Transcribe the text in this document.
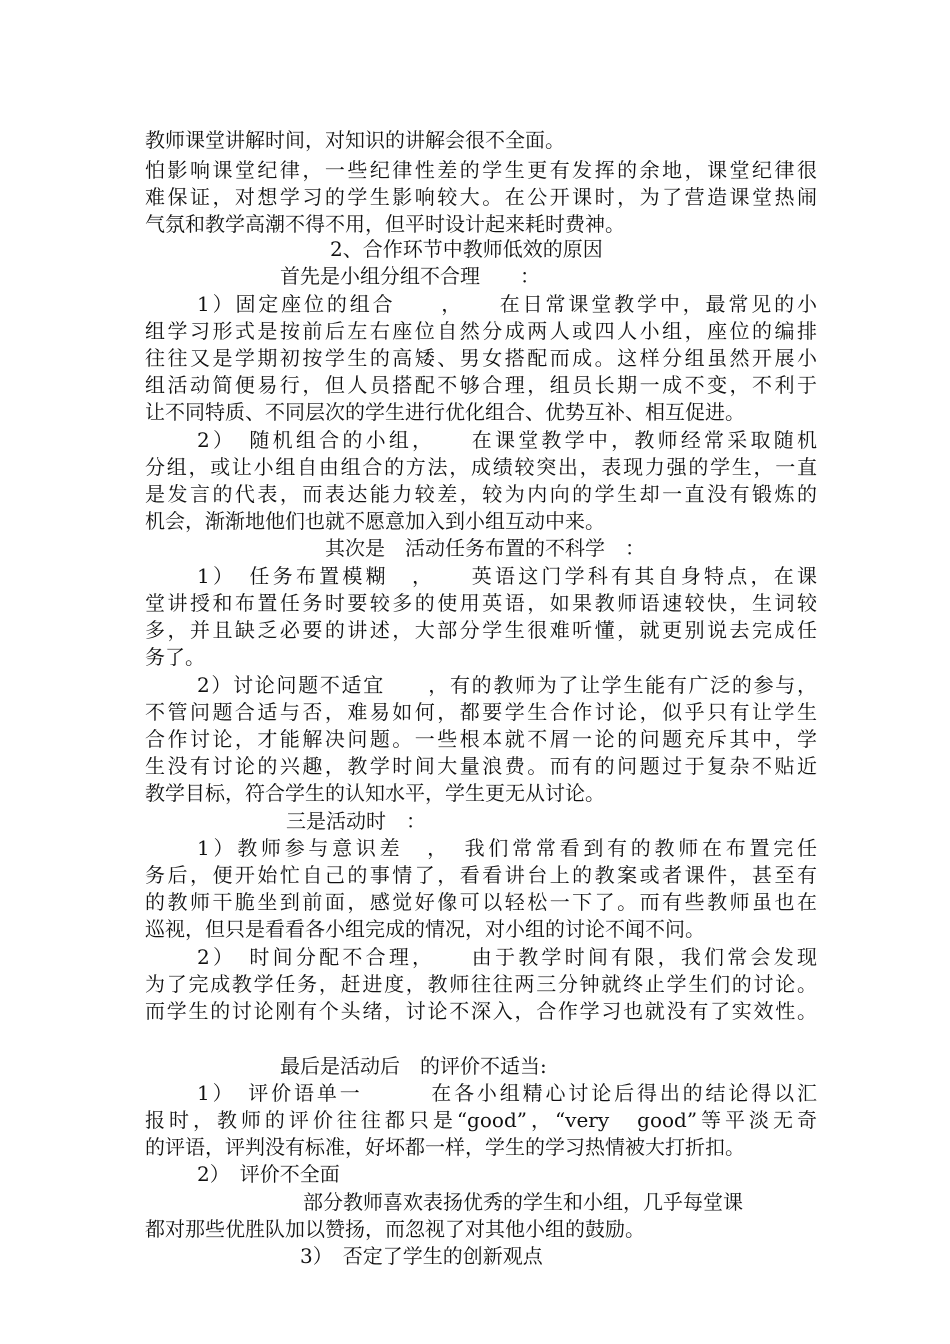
教师课堂讲解时间，对知识的讲解会很不全面。
怕影响课堂纪律，一些纪律性差的学生更有发挥的余地，课堂纪律很
难保证，对想学习的学生影响较大。在公开课时，为了营造课堂热闹
气氛和教学高潮不得不用，但平时设计起来耗时费神。
2、合作环节中教师低效的原因
首先是小组分组不合理　　：
1）固定座位的组合　　，　　在日常课堂教学中，最常见的小
组学习形式是按前后左右座位自然分成两人或四人小组，座位的编排
往往又是学期初按学生的高矮、男女搭配而成。这样分组虽然开展小
组活动简便易行，但人员搭配不够合理，组员长期一成不变，不利于
让不同特质、不同层次的学生进行优化组合、优势互补、相互促进。
2）　随机组合的小组，　　在课堂教学中，教师经常采取随机
分组，或让小组自由组合的方法，成绩较突出，表现力强的学生，一直
是发言的代表，而表达能力较差，较为内向的学生却一直没有锻炼的
机会，渐渐地他们也就不愿意加入到小组互动中来。
其次是　活动任务布置的不科学　：
1）　任务布置模糊　，　　英语这门学科有其自身特点，在课
堂讲授和布置任务时要较多的使用英语，如果教师语速较快，生词较
多，并且缺乏必要的讲述，大部分学生很难听懂，就更别说去完成任
务了。
2）讨论问题不适宜　　，有的教师为了让学生能有广泛的参与，
不管问题合适与否，难易如何，都要学生合作讨论，似乎只有让学生
合作讨论，才能解决问题。一些根本就不屑一论的问题充斥其中，学
生没有讨论的兴趣，教学时间大量浪费。而有的问题过于复杂不贴近
教学目标，符合学生的认知水平，学生更无从讨论。
三是活动时　：
1）教师参与意识差　，　我们常常看到有的教师在布置完任
务后，便开始忙自己的事情了，看看讲台上的教案或者课件，甚至有
的教师干脆坐到前面，感觉好像可以轻松一下了。而有些教师虽也在
巡视，但只是看看各小组完成的情况，对小组的讨论不闻不问。
2）　时间分配不合理，　　由于教学时间有限，我们常会发现
为了完成教学任务，赶进度，教师往往两三分钟就终止学生们的讨论。
而学生的讨论刚有个头绪，讨论不深入，合作学习也就没有了实效性。
最后是活动后　的评价不适当:
1）　评价语单一　　　在各小组精心讨论后得出的结论得以汇
报时，教师的评价往往都只是“good”，“very　good”等平淡无奇
的评语，评判没有标准，好坏都一样，学生的学习热情被大打折扣。
2）　评价不全面
部分教师喜欢表扬优秀的学生和小组，几乎每堂课
都对那些优胜队加以赞扬，而忽视了对其他小组的鼓励。
3）　否定了学生的创新观点
